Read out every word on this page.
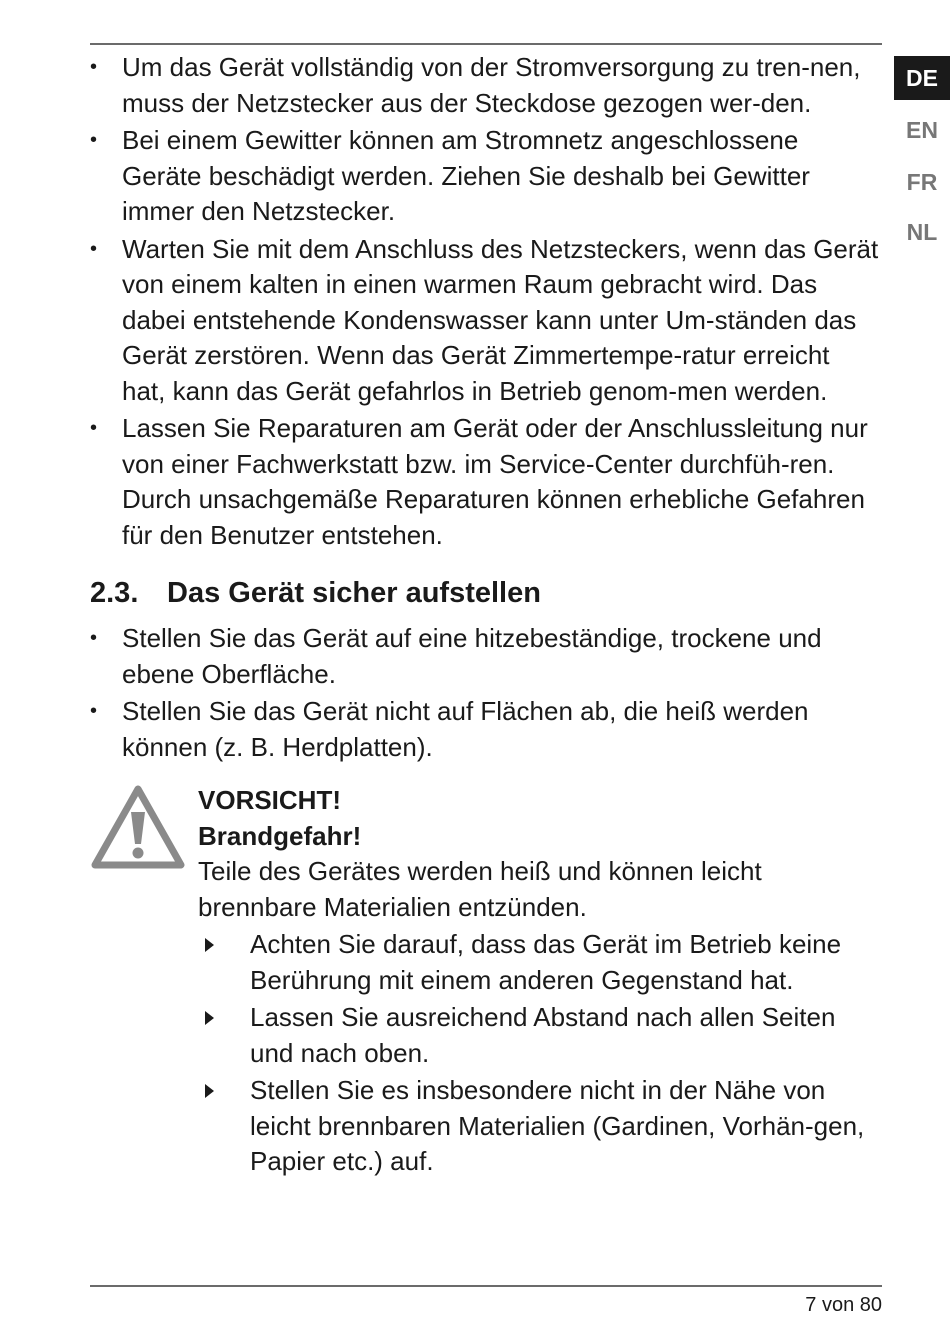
DE
EN
FR
NL
• Um das Gerät vollständig von der Stromversorgung zu tren-nen, muss der Netzstecker aus der Steckdose gezogen wer-den.
• Bei einem Gewitter können am Stromnetz angeschlossene Geräte beschädigt werden. Ziehen Sie deshalb bei Gewitter immer den Netzstecker.
• Warten Sie mit dem Anschluss des Netzsteckers, wenn das Gerät von einem kalten in einen warmen Raum gebracht wird. Das dabei entstehende Kondenswasser kann unter Um-ständen das Gerät zerstören. Wenn das Gerät Zimmertempe-ratur erreicht hat, kann das Gerät gefahrlos in Betrieb genom-men werden.
• Lassen Sie Reparaturen am Gerät oder der Anschlussleitung nur von einer Fachwerkstatt bzw. im Service-Center durchfüh-ren. Durch unsachgemäße Reparaturen können erhebliche Gefahren für den Benutzer entstehen.
2.3. Das Gerät sicher aufstellen
• Stellen Sie das Gerät auf eine hitzebeständige, trockene und ebene Oberfläche.
• Stellen Sie das Gerät nicht auf Flächen ab, die heiß werden können (z. B. Herdplatten).
VORSICHT!
Brandgefahr!
Teile des Gerätes werden heiß und können leicht brennbare Materialien entzünden.
Achten Sie darauf, dass das Gerät im Betrieb keine Berührung mit einem anderen Gegenstand hat.
Lassen Sie ausreichend Abstand nach allen Seiten und nach oben.
Stellen Sie es insbesondere nicht in der Nähe von leicht brennbaren Materialien (Gardinen, Vorhän-gen, Papier etc.) auf.
7 von 80
